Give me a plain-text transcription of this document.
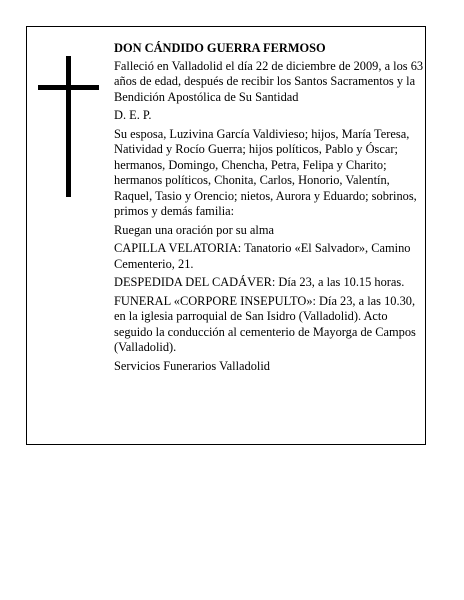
DON CÁNDIDO GUERRA FERMOSO

Falleció en Valladolid el día 22 de diciembre de 2009, a los 63 años de edad, después de recibir los Santos Sacramentos y la Bendición Apostólica de Su Santidad

D. E. P.

Su esposa, Luzivina García Valdivieso; hijos, María Teresa, Natividad y Rocío Guerra; hijos políticos, Pablo y Óscar; hermanos, Domingo, Chencha, Petra, Felipa y Charito; hermanos políticos, Chonita, Carlos, Honorio, Valentín, Raquel, Tasio y Orencio; nietos, Aurora y Eduardo; sobrinos, primos y demás familia:

Ruegan una oración por su alma

CAPILLA VELATORIA: Tanatorio «El Salvador», Camino Cementerio, 21.

DESPEDIDA DEL CADÁVER: Día 23, a las 10.15 horas.

FUNERAL «CORPORE INSEPULTO»: Día 23, a las 10.30, en la iglesia parroquial de San Isidro (Valladolid). Acto seguido la conducción al cementerio de Mayorga de Campos (Valladolid).

Servicios Funerarios Valladolid
